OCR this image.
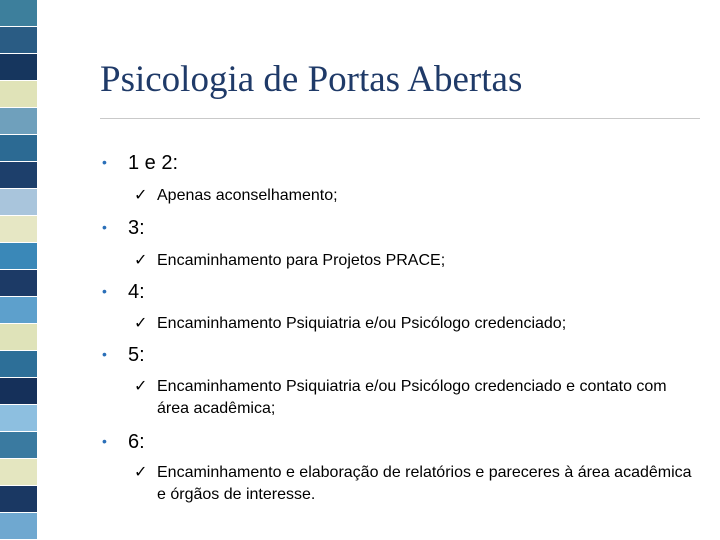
Psicologia de Portas Abertas
• 1 e 2:
✓ Apenas aconselhamento;
• 3:
✓ Encaminhamento para Projetos PRACE;
• 4:
✓ Encaminhamento Psiquiatria e/ou Psicólogo credenciado;
• 5:
✓ Encaminhamento Psiquiatria e/ou Psicólogo credenciado e contato com área acadêmica;
• 6:
✓ Encaminhamento e elaboração de relatórios e pareceres à área acadêmica e órgãos de interesse.
